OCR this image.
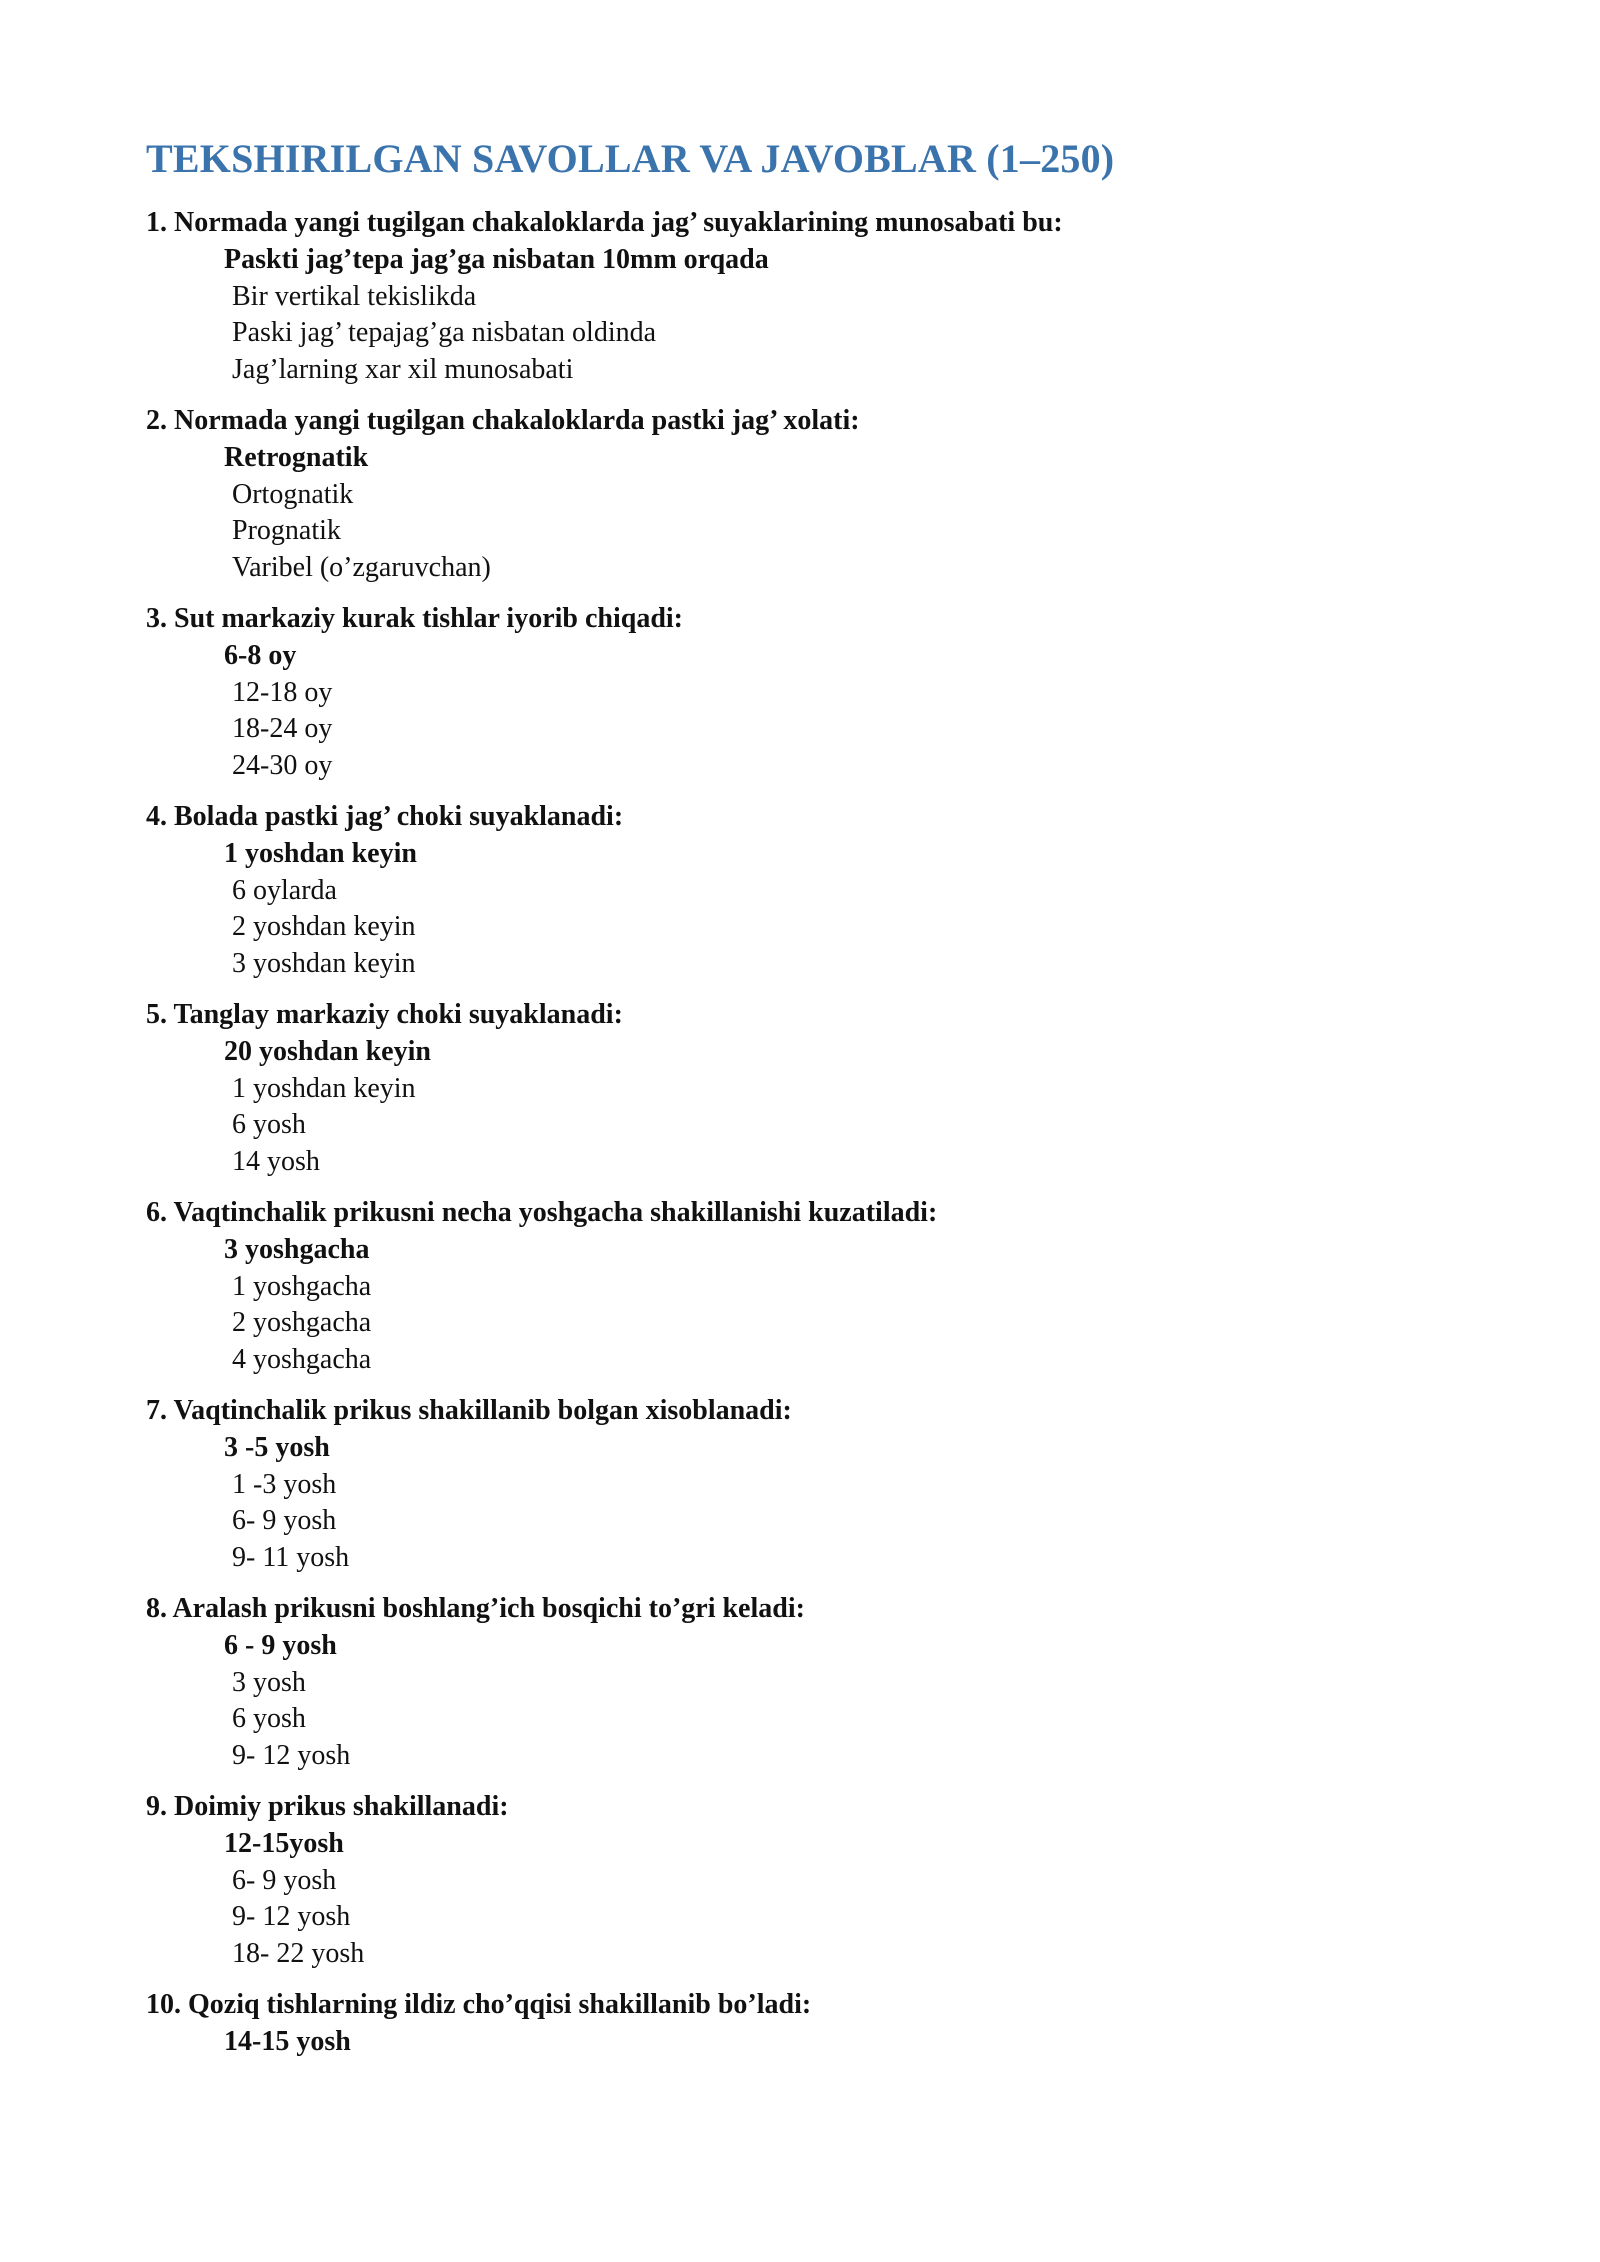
TEKSHIRILGAN SAVOLLAR VA JAVOBLAR (1–250)

1. Normada yangi tugilgan chakaloklarda jag’ suyaklarining munosabati bu:

Paskti jag’tepa jag’ga nisbatan 10mm orqada
Bir vertikal tekislikda
Paski jag’ tepajag’ga nisbatan oldinda
Jag’larning xar xil munosabati

2. Normada yangi tugilgan chakaloklarda pastki jag’ xolati:

Retrognatik
Ortognatik
Prognatik
Varibel (o’zgaruvchan)

3. Sut markaziy kurak tishlar iyorib chiqadi:

6-8 oy
12-18 oy
18-24 oy
24-30 oy

4. Bolada pastki jag’ choki suyaklanadi:

1 yoshdan keyin
6 oylarda
2 yoshdan keyin
3 yoshdan keyin

5. Tanglay markaziy choki suyaklanadi:

20 yoshdan keyin
1 yoshdan keyin
6 yosh
14 yosh

6. Vaqtinchalik prikusni necha yoshgacha shakillanishi kuzatiladi:

3 yoshgacha
1 yoshgacha
2 yoshgacha
4 yoshgacha

7. Vaqtinchalik prikus shakillanib bolgan xisoblanadi:

3 -5 yosh
1 -3 yosh
6- 9 yosh
9- 11 yosh

8. Aralash prikusni boshlang’ich bosqichi to’gri keladi:

6 - 9 yosh
3 yosh
6 yosh
9- 12 yosh

9. Doimiy prikus shakillanadi:

12-15yosh
6- 9 yosh
9- 12 yosh
18- 22 yosh

10. Qoziq tishlarning ildiz cho’qqisi shakillanib bo’ladi:

14-15 yosh
